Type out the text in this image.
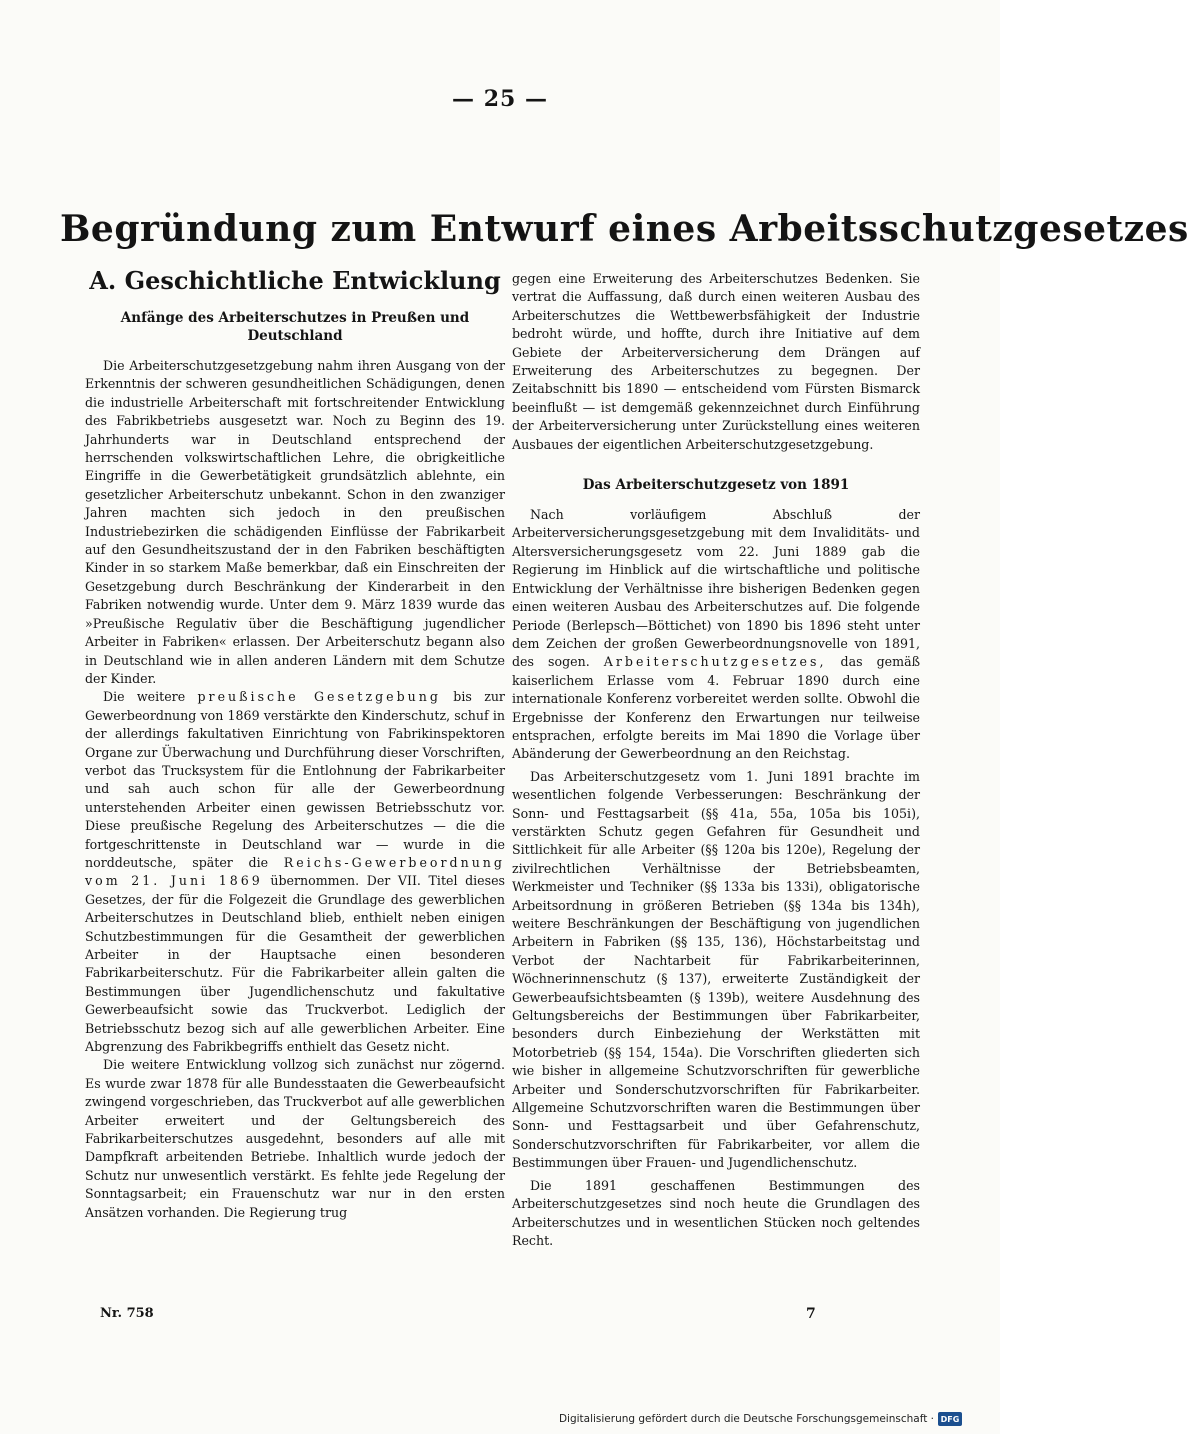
— 25 —
Begründung zum Entwurf eines Arbeitsschutzgesetzes
A. Geschichtliche Entwicklung
Anfänge des Arbeiterschutzes in Preußen und Deutschland

Die Arbeiterschutzgesetzgebung nahm ihren Ausgang von der Erkenntnis der schweren gesundheitlichen Schädigungen, denen die industrielle Arbeiterschaft mit fortschreitender Entwicklung des Fabrikbetriebs ausgesetzt war. Noch zu Beginn des 19. Jahrhunderts war in Deutschland entsprechend der herrschenden volkswirtschaftlichen Lehre, die obrigkeitliche Eingriffe in die Gewerbetätigkeit grundsätzlich ablehnte, ein gesetzlicher Arbeiterschutz unbekannt. Schon in den zwanziger Jahren machten sich jedoch in den preußischen Industriebezirken die schädigenden Einflüsse der Fabrikarbeit auf den Gesundheitszustand der in den Fabriken beschäftigten Kinder in so starkem Maße bemerkbar, daß ein Einschreiten der Gesetzgebung durch Beschränkung der Kinderarbeit in den Fabriken notwendig wurde. Unter dem 9. März 1839 wurde das »Preußische Regulativ über die Beschäftigung jugendlicher Arbeiter in Fabriken« erlassen. Der Arbeiterschutz begann also in Deutschland wie in allen anderen Ländern mit dem Schutze der Kinder.

Die weitere preußische Gesetzgebung bis zur Gewerbeordnung von 1869 verstärkte den Kinderschutz, schuf in der allerdings fakultativen Einrichtung von Fabrikinspektoren Organe zur Überwachung und Durchführung dieser Vorschriften, verbot das Trucksystem für die Entlohnung der Fabrikarbeiter und sah auch schon für alle der Gewerbeordnung unterstehenden Arbeiter einen gewissen Betriebsschutz vor. Diese preußische Regelung des Arbeiterschutzes — die die fortgeschrittenste in Deutschland war — wurde in die norddeutsche, später die Reichs-Gewerbeordnung vom 21. Juni 1869 übernommen. Der VII. Titel dieses Gesetzes, der für die Folgezeit die Grundlage des gewerblichen Arbeiterschutzes in Deutschland blieb, enthielt neben einigen Schutzbestimmungen für die Gesamtheit der gewerblichen Arbeiter in der Hauptsache einen besonderen Fabrikarbeiterschutz. Für die Fabrikarbeiter allein galten die Bestimmungen über Jugendlichenschutz und fakultative Gewerbeaufsicht sowie das Truckverbot. Lediglich der Betriebsschutz bezog sich auf alle gewerblichen Arbeiter. Eine Abgrenzung des Fabrikbegriffs enthielt das Gesetz nicht.

Die weitere Entwicklung vollzog sich zunächst nur zögernd. Es wurde zwar 1878 für alle Bundesstaaten die Gewerbeaufsicht zwingend vorgeschrieben, das Truckverbot auf alle gewerblichen Arbeiter erweitert und der Geltungsbereich des Fabrikarbeiterschutzes ausgedehnt, besonders auf alle mit Dampfkraft arbeitenden Betriebe. Inhaltlich wurde jedoch der Schutz nur unwesentlich verstärkt. Es fehlte jede Regelung der Sonntagsarbeit; ein Frauenschutz war nur in den ersten Ansätzen vorhanden. Die Regierung trug

gegen eine Erweiterung des Arbeiterschutzes Bedenken. Sie vertrat die Auffassung, daß durch einen weiteren Ausbau des Arbeiterschutzes die Wettbewerbsfähigkeit der Industrie bedroht würde, und hoffte, durch ihre Initiative auf dem Gebiete der Arbeiterversicherung dem Drängen auf Erweiterung des Arbeiterschutzes zu begegnen. Der Zeitabschnitt bis 1890 — entscheidend vom Fürsten Bismarck beeinflußt — ist demgemäß gekennzeichnet durch Einführung der Arbeiterversicherung unter Zurückstellung eines weiteren Ausbaues der eigentlichen Arbeiterschutzgesetzgebung.

Das Arbeiterschutzgesetz von 1891

Nach vorläufigem Abschluß der Arbeiterversicherungsgesetzgebung mit dem Invaliditäts- und Altersversicherungsgesetz vom 22. Juni 1889 gab die Regierung im Hinblick auf die wirtschaftliche und politische Entwicklung der Verhältnisse ihre bisherigen Bedenken gegen einen weiteren Ausbau des Arbeiterschutzes auf. Die folgende Periode (Berlepsch—Böttichet) von 1890 bis 1896 steht unter dem Zeichen der großen Gewerbeordnungsnovelle von 1891, des sogen. Arbeiterschutzgesetzes, das gemäß kaiserlichem Erlasse vom 4. Februar 1890 durch eine internationale Konferenz vorbereitet werden sollte. Obwohl die Ergebnisse der Konferenz den Erwartungen nur teilweise entsprachen, erfolgte bereits im Mai 1890 die Vorlage über Abänderung der Gewerbeordnung an den Reichstag.

Das Arbeiterschutzgesetz vom 1. Juni 1891 brachte im wesentlichen folgende Verbesserungen: Beschränkung der Sonn- und Festtagsarbeit (§§ 41a, 55a, 105a bis 105i), verstärkten Schutz gegen Gefahren für Gesundheit und Sittlichkeit für alle Arbeiter (§§ 120a bis 120e), Regelung der zivilrechtlichen Verhältnisse der Betriebsbeamten, Werkmeister und Techniker (§§ 133a bis 133i), obligatorische Arbeitsordnung in größeren Betrieben (§§ 134a bis 134h), weitere Beschränkungen der Beschäftigung von jugendlichen Arbeitern in Fabriken (§§ 135, 136), Höchstarbeitstag und Verbot der Nachtarbeit für Fabrikarbeiterinnen, Wöchnerinnenschutz (§ 137), erweiterte Zuständigkeit der Gewerbeaufsichtsbeamten (§ 139b), weitere Ausdehnung des Geltungsbereichs der Bestimmungen über Fabrikarbeiter, besonders durch Einbeziehung der Werkstätten mit Motorbetrieb (§§ 154, 154a). Die Vorschriften gliederten sich wie bisher in allgemeine Schutzvorschriften für gewerbliche Arbeiter und Sonderschutzvorschriften für Fabrikarbeiter. Allgemeine Schutzvorschriften waren die Bestimmungen über Sonn- und Festtagsarbeit und über Gefahrenschutz, Sonderschutzvorschriften für Fabrikarbeiter, vor allem die Bestimmungen über Frauen- und Jugendlichenschutz.

Die 1891 geschaffenen Bestimmungen des Arbeiterschutzgesetzes sind noch heute die Grundlagen des Arbeiterschutzes und in wesentlichen Stücken noch geltendes Recht.

Nr. 758	7
Digitalisierung gefördert durch die Deutsche Forschungsgemeinschaft · DFG
